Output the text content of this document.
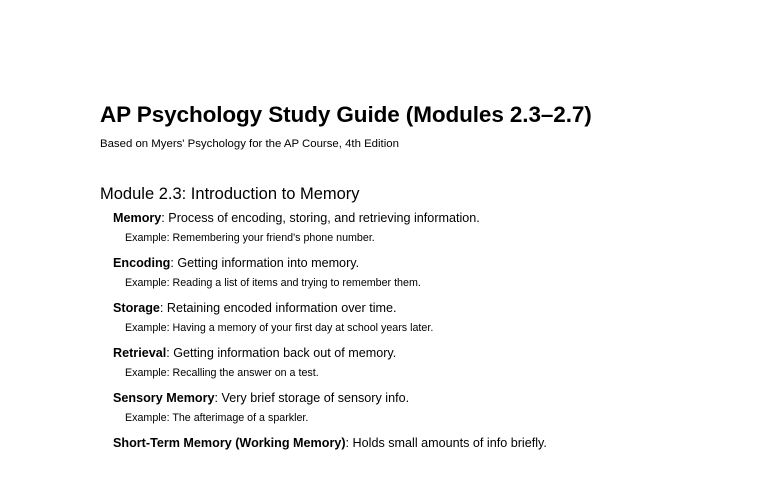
AP Psychology Study Guide (Modules 2.3–2.7)

Based on Myers' Psychology for the AP Course, 4th Edition

Module 2.3: Introduction to Memory
Memory: Process of encoding, storing, and retrieving information.
Example: Remembering your friend's phone number.
Encoding: Getting information into memory.
Example: Reading a list of items and trying to remember them.
Storage: Retaining encoded information over time.
Example: Having a memory of your first day at school years later.
Retrieval: Getting information back out of memory.
Example: Recalling the answer on a test.
Sensory Memory: Very brief storage of sensory info.
Example: The afterimage of a sparkler.
Short-Term Memory (Working Memory): Holds small amounts of info briefly.
